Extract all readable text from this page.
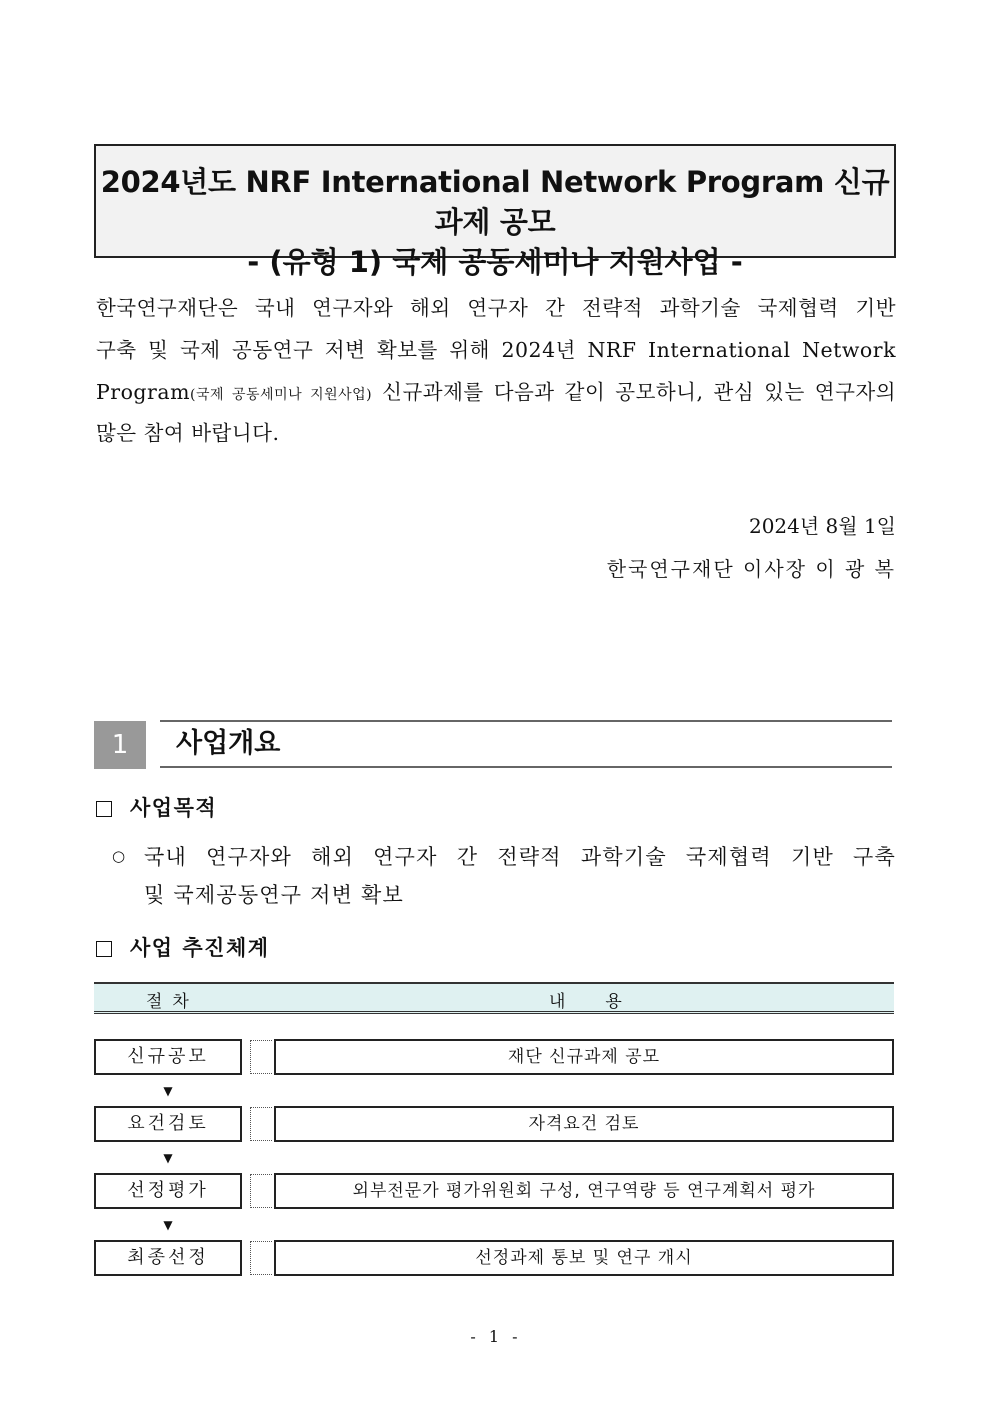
2024년도 NRF International Network Program 신규과제 공모
- (유형 1) 국제 공동세미나 지원사업 -
한국연구재단은 국내 연구자와 해외 연구자 간 전략적 과학기술 국제협력 기반
구축 및 국제 공동연구 저변 확보를 위해 2024년 NRF International Network
Program(국제 공동세미나 지원사업) 신규과제를 다음과 같이 공모하니, 관심 있는 연구자의
많은 참여 바랍니다.
2024년 8월 1일
한국연구재단 이사장 이 광 복
1	사업개요
사업목적
○ 국내 연구자와 해외 연구자 간 전략적 과학기술 국제협력 기반 구축
및 국제공동연구 저변 확보
사업 추진체계
절차	내용
신규공모	재단 신규과제 공모
▼
요건검토	자격요건 검토
▼
선정평가	외부전문가 평가위원회 구성, 연구역량 등 연구계획서 평가
▼
최종선정	선정과제 통보 및 연구 개시
- 1 -
